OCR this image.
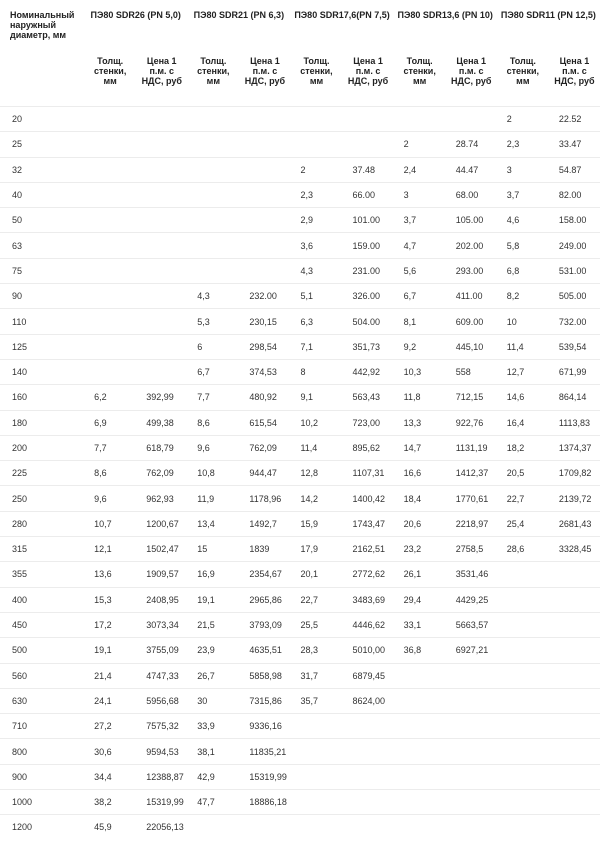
Номинальный наружный диаметр, мм	ПЭ80 SDR26 (PN 5,0)		ПЭ80 SDR21 (PN 6,3)		ПЭ80 SDR17,6(PN 7,5)		ПЭ80 SDR13,6 (PN 10)		ПЭ80 SDR11 (PN 12,5)	
	Толщ. стенки, мм	Цена 1 п.м. с НДС, руб	Толщ. стенки, мм	Цена 1 п.м. с НДС, руб	Толщ. стенки, мм	Цена 1 п.м. с НДС, руб	Толщ. стенки, мм	Цена 1 п.м. с НДС, руб	Толщ. стенки, мм	Цена 1 п.м. с НДС, руб
20									2	22.52
25							2	28.74	2,3	33.47
32					2	37.48	2,4	44.47	3	54.87
40					2,3	66.00	3	68.00	3,7	82.00
50					2,9	101.00	3,7	105.00	4,6	158.00
63					3,6	159.00	4,7	202.00	5,8	249.00
75					4,3	231.00	5,6	293.00	6,8	531.00
90			4,3	232.00	5,1	326.00	6,7	411.00	8,2	505.00
110			5,3	230,15	6,3	504.00	8,1	609.00	10	732.00
125			6	298,54	7,1	351,73	9,2	445,10	11,4	539,54
140			6,7	374,53	8	442,92	10,3	558	12,7	671,99
160	6,2	392,99	7,7	480,92	9,1	563,43	11,8	712,15	14,6	864,14
180	6,9	499,38	8,6	615,54	10,2	723,00	13,3	922,76	16,4	1113,83
200	7,7	618,79	9,6	762,09	11,4	895,62	14,7	1131,19	18,2	1374,37
225	8,6	762,09	10,8	944,47	12,8	1107,31	16,6	1412,37	20,5	1709,82
250	9,6	962,93	11,9	1178,96	14,2	1400,42	18,4	1770,61	22,7	2139,72
280	10,7	1200,67	13,4	1492,7	15,9	1743,47	20,6	2218,97	25,4	2681,43
315	12,1	1502,47	15	1839	17,9	2162,51	23,2	2758,5	28,6	3328,45
355	13,6	1909,57	16,9	2354,67	20,1	2772,62	26,1	3531,46		
400	15,3	2408,95	19,1	2965,86	22,7	3483,69	29,4	4429,25		
450	17,2	3073,34	21,5	3793,09	25,5	4446,62	33,1	5663,57		
500	19,1	3755,09	23,9	4635,51	28,3	5010,00	36,8	6927,21		
560	21,4	4747,33	26,7	5858,98	31,7	6879,45				
630	24,1	5956,68	30	7315,86	35,7	8624,00				
710	27,2	7575,32	33,9	9336,16						
800	30,6	9594,53	38,1	11835,21						
900	34,4	12388,87	42,9	15319,99						
1000	38,2	15319,99	47,7	18886,18						
1200	45,9	22056,13								
